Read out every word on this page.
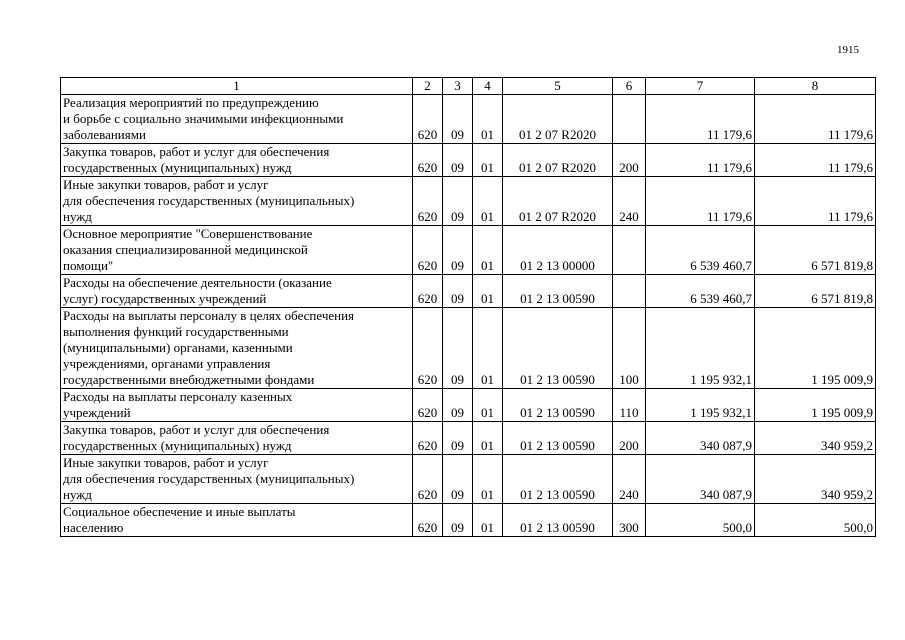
1915
1	2	3	4	5	6	7	8
Реализация мероприятий по предупреждению
и борьбе с социально значимыми инфекционными
заболеваниями	620	09	01	01 2 07 R2020		11 179,6	11 179,6
Закупка товаров, работ и услуг для обеспечения
государственных (муниципальных) нужд	620	09	01	01 2 07 R2020	200	11 179,6	11 179,6
Иные закупки товаров, работ и услуг
для обеспечения государственных (муниципальных)
нужд	620	09	01	01 2 07 R2020	240	11 179,6	11 179,6
Основное мероприятие "Совершенствование
оказания специализированной медицинской
помощи"	620	09	01	01 2 13 00000		6 539 460,7	6 571 819,8
Расходы на обеспечение деятельности (оказание
услуг) государственных учреждений	620	09	01	01 2 13 00590		6 539 460,7	6 571 819,8
Расходы на выплаты персоналу в целях обеспечения
выполнения функций государственными
(муниципальными) органами, казенными
учреждениями, органами управления
государственными внебюджетными фондами	620	09	01	01 2 13 00590	100	1 195 932,1	1 195 009,9
Расходы на выплаты персоналу казенных
учреждений	620	09	01	01 2 13 00590	110	1 195 932,1	1 195 009,9
Закупка товаров, работ и услуг для обеспечения
государственных (муниципальных) нужд	620	09	01	01 2 13 00590	200	340 087,9	340 959,2
Иные закупки товаров, работ и услуг
для обеспечения государственных (муниципальных)
нужд	620	09	01	01 2 13 00590	240	340 087,9	340 959,2
Социальное обеспечение и иные выплаты
населению	620	09	01	01 2 13 00590	300	500,0	500,0
